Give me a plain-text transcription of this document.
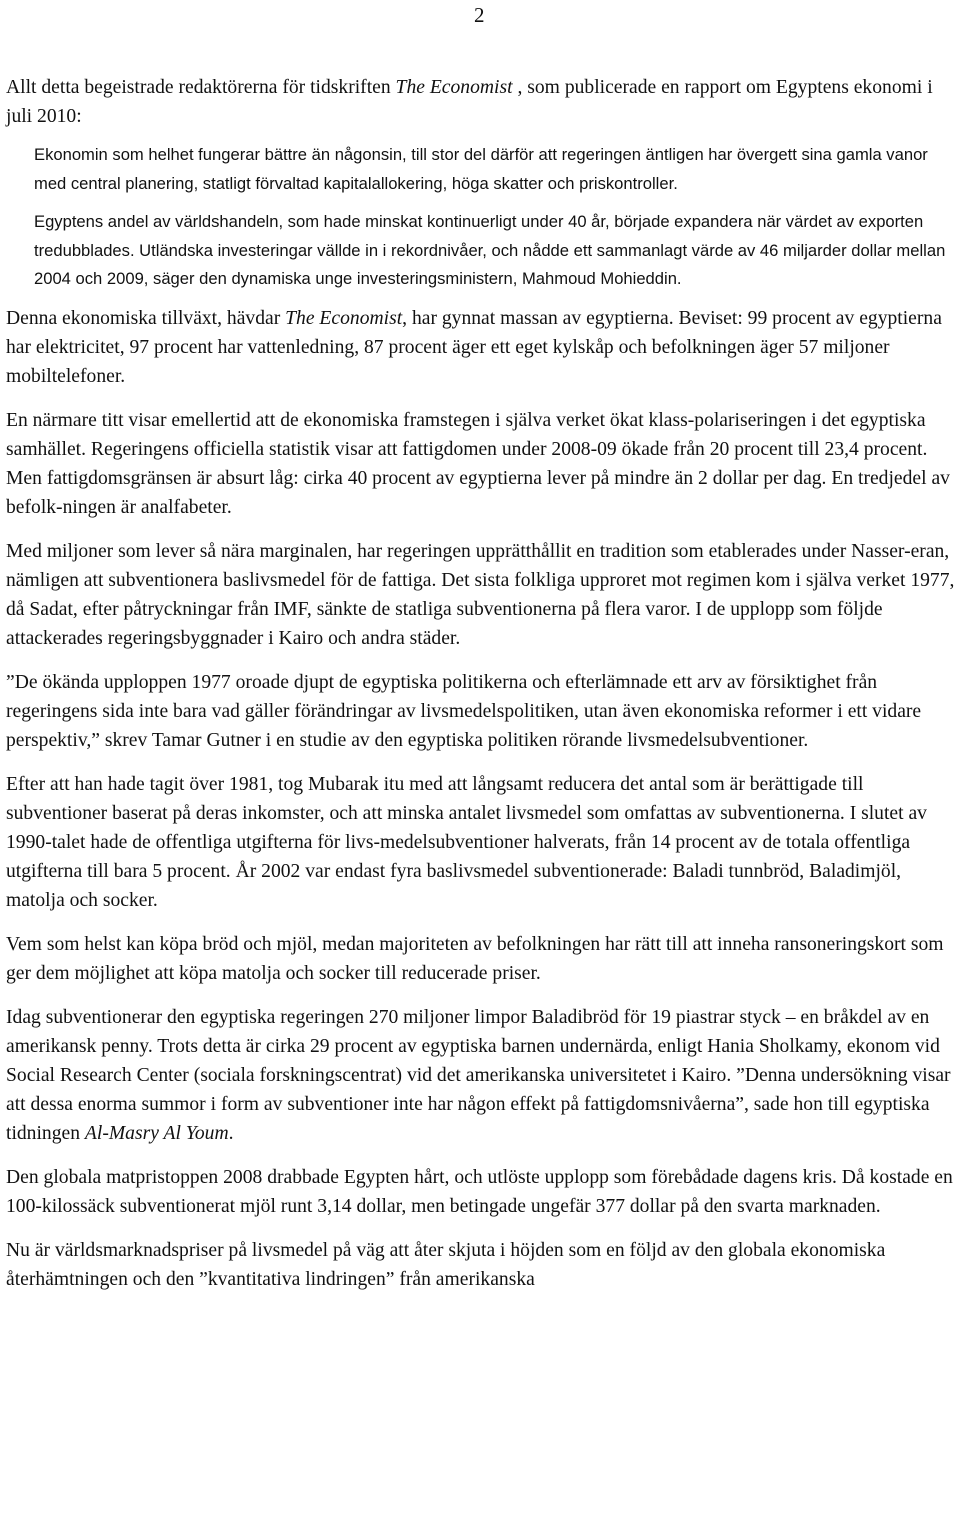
2

Allt detta begeistrade redaktörerna för tidskriften The Economist , som publicerade en rapport om Egyptens ekonomi i juli 2010:

Ekonomin som helhet fungerar bättre än någonsin, till stor del därför att regeringen äntligen har övergett sina gamla vanor med central planering, statligt förvaltad kapitalallokering, höga skatter och priskontroller.

Egyptens andel av världshandeln, som hade minskat kontinuerligt under 40 år, började expandera när värdet av exporten tredubblades. Utländska investeringar vällde in i rekordnivåer, och nådde ett sammanlagt värde av 46 miljarder dollar mellan 2004 och 2009, säger den dynamiska unge investeringsministern, Mahmoud Mohieddin.

Denna ekonomiska tillväxt, hävdar The Economist, har gynnat massan av egyptierna. Beviset: 99 procent av egyptierna har elektricitet, 97 procent har vattenledning, 87 procent äger ett eget kylskåp och befolkningen äger 57 miljoner mobiltelefoner.

En närmare titt visar emellertid att de ekonomiska framstegen i själva verket ökat klass-polariseringen i det egyptiska samhället. Regeringens officiella statistik visar att fattigdomen under 2008-09 ökade från 20 procent till 23,4 procent. Men fattigdomsgränsen är absurt låg: cirka 40 procent av egyptierna lever på mindre än 2 dollar per dag. En tredjedel av befolk-ningen är analfabeter.

Med miljoner som lever så nära marginalen, har regeringen upprätthållit en tradition som etablerades under Nasser-eran, nämligen att subventionera baslivsmedel för de fattiga. Det sista folkliga upproret mot regimen kom i själva verket 1977, då Sadat, efter påtryckningar från IMF, sänkte de statliga subventionerna på flera varor. I de upplopp som följde attackerades regeringsbyggnader i Kairo och andra städer.

”De ökända upploppen 1977 oroade djupt de egyptiska politikerna och efterlämnade ett arv av försiktighet från regeringens sida inte bara vad gäller förändringar av livsmedelspolitiken, utan även ekonomiska reformer i ett vidare perspektiv,” skrev Tamar Gutner i en studie av den egyptiska politiken rörande livsmedelsubventioner.

Efter att han hade tagit över 1981, tog Mubarak itu med att långsamt reducera det antal som är berättigade till subventioner baserat på deras inkomster, och att minska antalet livsmedel som omfattas av subventionerna. I slutet av 1990-talet hade de offentliga utgifterna för livs-medelsubventioner halverats, från 14 procent av de totala offentliga utgifterna till bara 5 procent. År 2002 var endast fyra baslivsmedel subventionerade: Baladi tunnbröd, Baladimjöl, matolja och socker.

Vem som helst kan köpa bröd och mjöl, medan majoriteten av befolkningen har rätt till att inneha ransoneringskort som ger dem möjlighet att köpa matolja och socker till reducerade priser.

Idag subventionerar den egyptiska regeringen 270 miljoner limpor Baladibröd för 19 piastrar styck – en bråkdel av en amerikansk penny. Trots detta är cirka 29 procent av egyptiska barnen undernärda, enligt Hania Sholkamy, ekonom vid Social Research Center (sociala forskningscentrat) vid det amerikanska universitetet i Kairo. ”Denna undersökning visar att dessa enorma summor i form av subventioner inte har någon effekt på fattigdomsnivåerna”, sade hon till egyptiska tidningen Al-Masry Al Youm.

Den globala matpristoppen 2008 drabbade Egypten hårt, och utlöste upplopp som förebådade dagens kris. Då kostade en 100-kilossäck subventionerat mjöl runt 3,14 dollar, men betingade ungefär 377 dollar på den svarta marknaden.

Nu är världsmarknadspriser på livsmedel på väg att åter skjuta i höjden som en följd av den globala ekonomiska återhämtningen och den ”kvantitativa lindringen” från amerikanska
